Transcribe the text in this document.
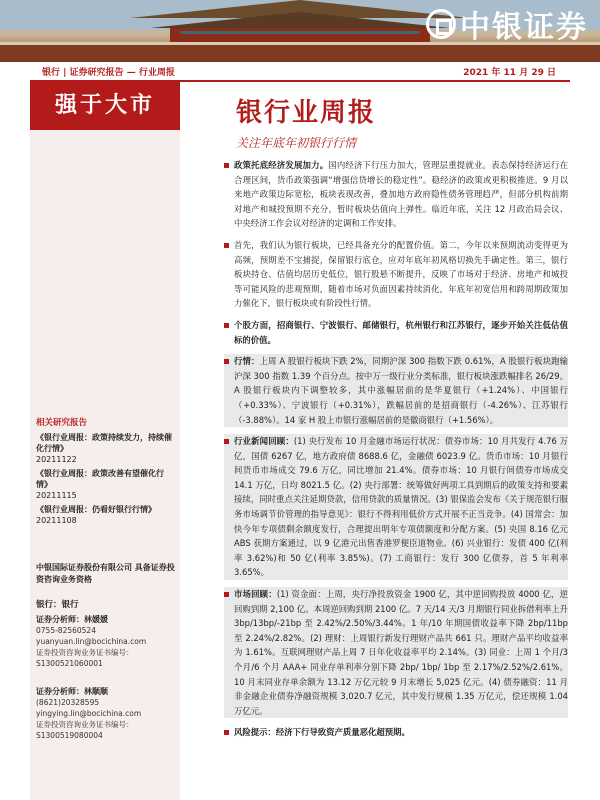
中银证券
银行 | 证券研究报告 — 行业周报	2021 年 11 月 29 日
强于大市
相关研究报告
《银行业周报：政策持续发力，持续催化行情》
20211122
《银行业周报：政策改善有望催化行情》
20211115
《银行业周报：仍看好银行行情》 20211108
中银国际证券股份有限公司 具备证券投资咨询业务资格
银行：银行
证券分析师：林媛媛
0755-82560524
yuanyuan.lin@bocichina.com
证券投资咨询业务证书编号：S1300521060001
证券分析师：林顺顺
(8621)20328595
yingying.lin@bocichina.com
证券投资咨询业务证书编号：S1300519080004
银行业周报
关注年底年初银行行情
政策托底经济发展加力。国内经济下行压力加大，管理层重提就业。表态保持经济运行在合理区间，货币政策强调“增强信贷增长的稳定性”。稳经济的政策或更积极推进。9 月以来地产政策边际宽松，板块表现改善，叠加地方政府隐性债务管理趋严，但部分机构前期对地产和城投预期不充分，暂时板块估值向上弹性。临近年底，关注 12 月政治局会议、中央经济工作会议对经济的定调和工作安排。
首先，我们认为银行板块，已经具备充分的配置价值。第二，今年以来预期流动变得更为高频，预期差不宝捕捉，保留银行底仓，应对年底年初风格切换先手确定性。第三，银行板块持仓、估值均居历史低位，银行股悬不断提升，反映了市场对于经济、房地产和城投等可能风险的悲观预期，随着市场对负面因素持续消化，年底年初宽信用和跨周期政策加力催化下，银行板块或有阶段性行情。
个股方面，招商银行、宁波银行、邮储银行，杭州银行和江苏银行，逐步开始关注低估值标的价值。
行情：上周 A 股银行板块下跌 2%，同期沪深 300 指数下跌 0.61%，A 股银行板块跑输沪深 300 指数 1.39 个百分点。按中万一级行业分类标准，银行板块涨跌幅排名 26/29。A 股银行板块内下调整较多，其中涨幅居前的是华夏银行（+1.24%）、中国银行（+0.33%）、宁波银行（+0.31%），跌幅居前的是招商银行（-4.26%）、江苏银行（-3.88%）。14 家 H 股上市银行涨幅居前的是徽商银行（+1.56%）。
行业新闻回顾：(1) 央行发布 10 月金融市场运行状况：债券市场：10 月共发行 4.76 万亿，国债 6267 亿，地方政府债 8688.6 亿，金融债 6023.9 亿。货币市场：10 月银行间货币市场成交 79.6 万亿，同比增加 21.4%。债券市场：10 月银行间债券市场成交 14.1 万亿，日均 8021.5 亿。(2) 央行部署：统筹做好两项工具到期后的政策支持和要素接续，同时重点关注延期贷款，信用贷款的质量情况。(3) 银保监会发布《关于规范银行服务市场调节价管理的指导意见》：银行不得利用低价方式开展不正当竞争。(4) 国常会：加快今年专项债剩余额度发行，合理提出明年专项债额度和分配方案。(5) 央国 8.16 亿元 ABS 获期方案通过，以 9 亿港元出售香港罗便臣道物业。(6) 兴业银行：发债 400 亿(利率 3.62%)和 50 亿(利率 3.85%)。(7) 工商银行：发行 300 亿债券，首 5 年利率 3.65%。
市场回顾：(1) 资金面：上周，央行净投放资金 1900 亿，其中逆回购投放 4000 亿，逆回购到期 2,100 亿。本周逆回购到期 2100 亿。7 天/14 天/3 月期银行同业拆借利率上升 3bp/13bp/-21bp 至 2.42%/2.50%/3.44%。1 年/10 年期国债收益率下降 2bp/11bp 至 2.24%/2.82%。(2) 理财：上周银行新发行理财产品共 661 只。理财产品平均收益率为 1.61%。互联网理财产品上周 7 日年化收益率平均 2.14%。(3) 同业：上周 1 个月/3 个月/6 个月 AAA+ 同业存单利率分别下降 2bp/ 1bp/ 1bp 至 2.17%/2.52%/2.61%。10 月末同业存单余额为 13.12 万亿元较 9 月末增长 5,025 亿元。(4) 债券融资：11 月非金融企业债券净融资规模 3,020.7 亿元，其中发行规模 1.35 万亿元，偿还规模 1.04 万亿元。
风险提示：经济下行导致资产质量恶化超预期。
